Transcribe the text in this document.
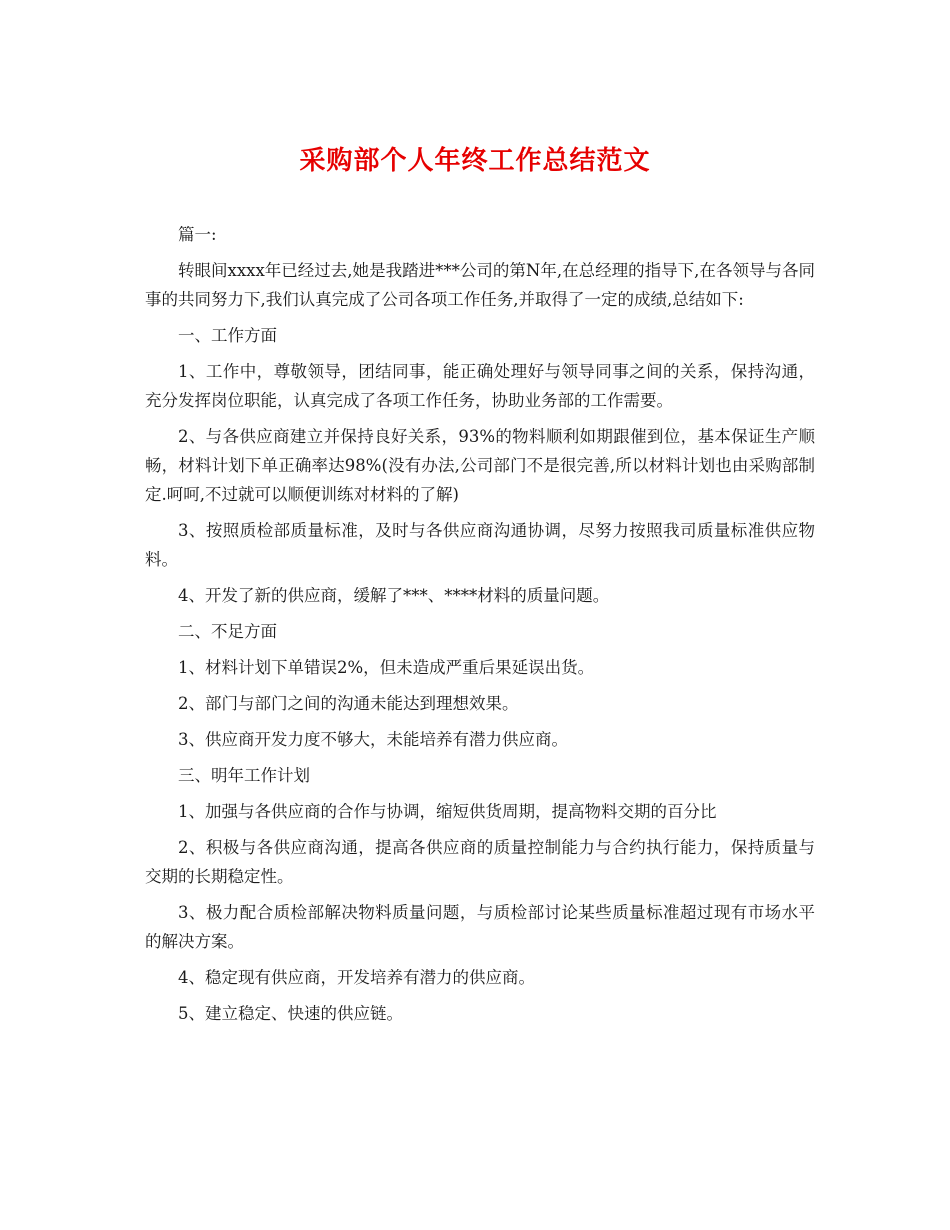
采购部个人年终工作总结范文

篇一:

转眼间xxxx年已经过去,她是我踏进***公司的第N年,在总经理的指导下,在各领导与各同事的共同努力下,我们认真完成了公司各项工作任务,并取得了一定的成绩,总结如下:

一、工作方面

1、工作中，尊敬领导，团结同事，能正确处理好与领导同事之间的关系，保持沟通，充分发挥岗位职能，认真完成了各项工作任务，协助业务部的工作需要。

2、与各供应商建立并保持良好关系，93%的物料顺利如期跟催到位，基本保证生产顺畅，材料计划下单正确率达98%(没有办法,公司部门不是很完善,所以材料计划也由采购部制定.呵呵,不过就可以顺便训练对材料的了解)

3、按照质检部质量标准，及时与各供应商沟通协调，尽努力按照我司质量标准供应物料。

4、开发了新的供应商，缓解了***、****材料的质量问题。

二、不足方面

1、材料计划下单错误2%，但未造成严重后果延误出货。

2、部门与部门之间的沟通未能达到理想效果。

3、供应商开发力度不够大，未能培养有潜力供应商。

三、明年工作计划

1、加强与各供应商的合作与协调，缩短供货周期，提高物料交期的百分比

2、积极与各供应商沟通，提高各供应商的质量控制能力与合约执行能力，保持质量与交期的长期稳定性。

3、极力配合质检部解决物料质量问题，与质检部讨论某些质量标准超过现有市场水平的解决方案。

4、稳定现有供应商，开发培养有潜力的供应商。

5、建立稳定、快速的供应链。
